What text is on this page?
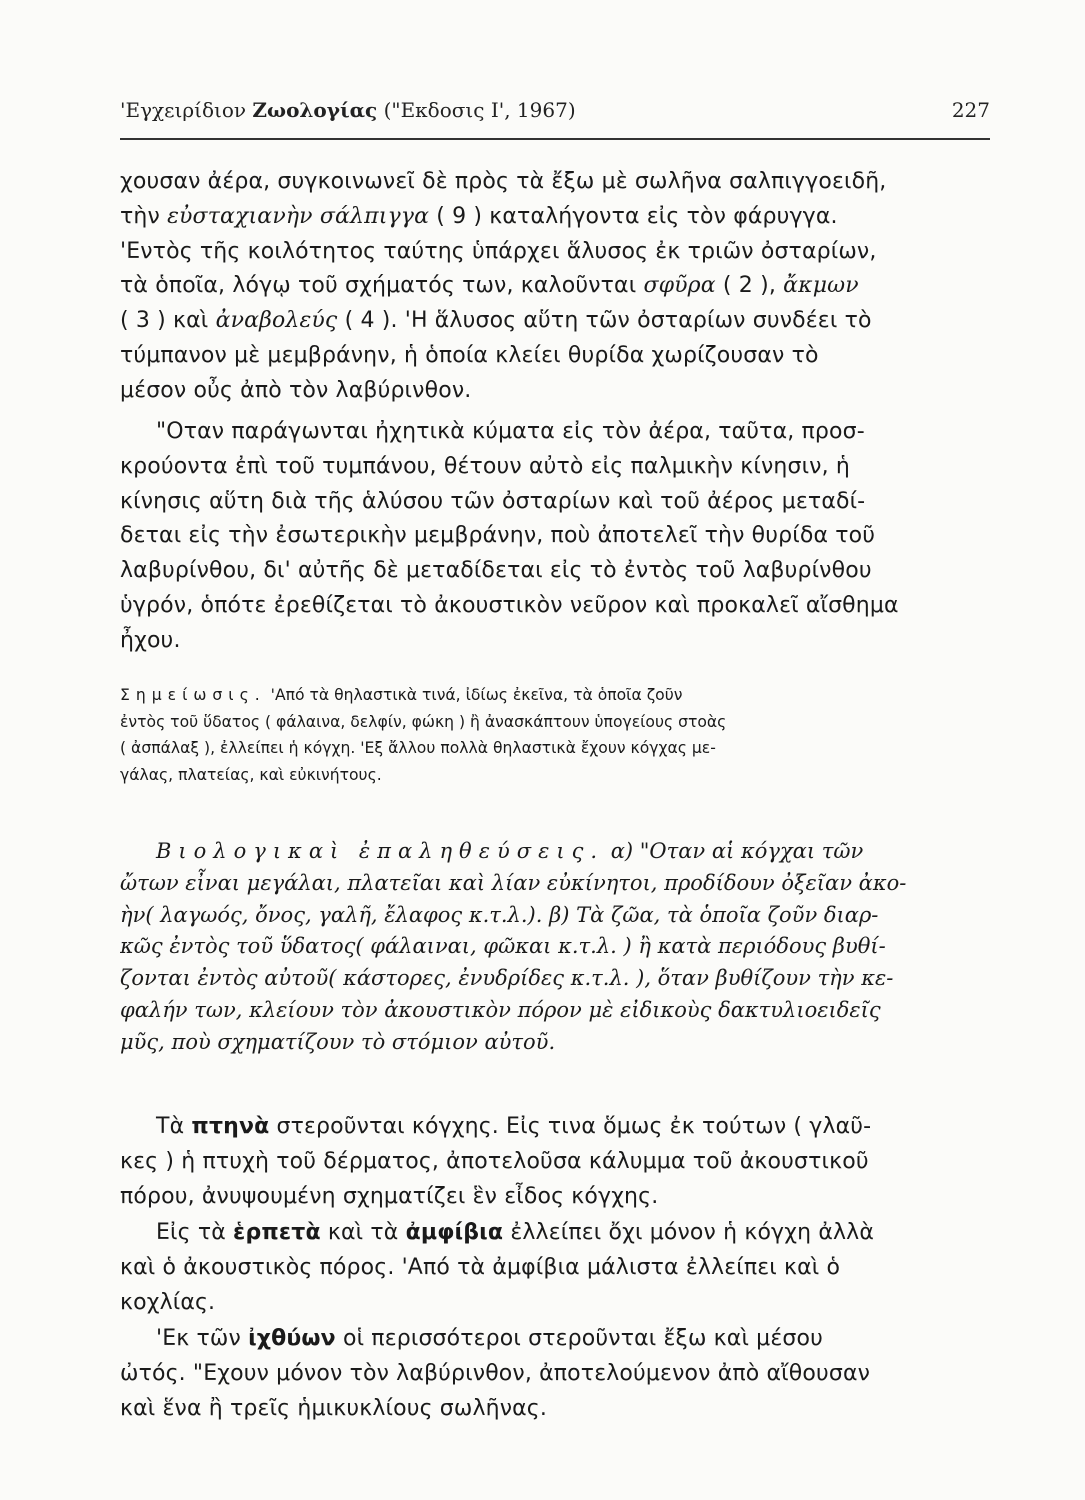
'Εγχειρίδιον Ζωολογίας ("Εκδοσις Ι', 1967)	227
χουσαν ἀέρα, συγκοινωνεῖ δὲ πρὸς τὰ ἔξω μὲ σωλῆνα σαλπιγγοειδῆ,
τὴν εὐσταχιανὴν σάλπιγγα ( 9 ) καταλήγοντα εἰς τὸν φάρυγγα.
'Εντὸς τῆς κοιλότητος ταύτης ὑπάρχει ἅλυσος ἐκ τριῶν ὀσταρίων,
τὰ ὁποῖα, λόγῳ τοῦ σχήματός των, καλοῦνται σφῦρα ( 2 ), ἄκμων
( 3 ) καὶ ἀναβολεύς ( 4 ). 'Η ἅλυσος αὕτη τῶν ὀσταρίων συνδέει τὸ
τύμπανον μὲ μεμβράνην, ἡ ὁποία κλείει θυρίδα χωρίζουσαν τὸ
μέσον οὖς ἀπὸ τὸν λαβύρινθον.
"Οταν παράγωνται ἠχητικὰ κύματα εἰς τὸν ἀέρα, ταῦτα, προσ-
κρούοντα ἐπὶ τοῦ τυμπάνου, θέτουν αὐτὸ εἰς παλμικὴν κίνησιν, ἡ
κίνησις αὕτη διὰ τῆς ἁλύσου τῶν ὀσταρίων καὶ τοῦ ἀέρος μεταδί-
δεται εἰς τὴν ἐσωτερικὴν μεμβράνην, ποὺ ἀποτελεῖ τὴν θυρίδα τοῦ
λαβυρίνθου, δι' αὐτῆς δὲ μεταδίδεται εἰς τὸ ἐντὸς τοῦ λαβυρίνθου
ὑγρόν, ὁπότε ἐρεθίζεται τὸ ἀκουστικὸν νεῦρον καὶ προκαλεῖ αἴσθημα
ἦχου.
Σημείωσις. 'Από τὰ θηλαστικὰ τινά, ἰδίως ἐκεῖνα, τὰ ὁποῖα ζοῦν
ἐντὸς τοῦ ὕδατος ( φάλαινα, δελφίν, φώκη ) ἢ ἀνασκάπτουν ὑπογείους στοὰς
( ἀσπάλαξ ), ἐλλείπει ἡ κόγχη. 'Εξ ἄλλου πολλὰ θηλαστικὰ ἔχουν κόγχας με-
γάλας, πλατείας, καὶ εὐκινήτους.
Βιολογικαὶ ἐπαληθεύσεις. α) "Οταν αἱ κόγχαι τῶν
ὤτων εἶναι μεγάλαι, πλατεῖαι καὶ λίαν εὐκίνητοι, προδίδουν ὀξεῖαν ἀκο-
ὴν( λαγωός, ὄνος, γαλῆ, ἔλαφος κ.τ.λ.). β) Τὰ ζῶα, τὰ ὁποῖα ζοῦν διαρ-
κῶς ἐντὸς τοῦ ὕδατος( φάλαιναι, φῶκαι κ.τ.λ. ) ἢ κατὰ περιόδους βυθί-
ζονται ἐντὸς αὐτοῦ( κάστορες, ἐνυδρίδες κ.τ.λ. ), ὅταν βυθίζουν τὴν κε-
φαλήν των, κλείουν τὸν ἀκουστικὸν πόρον μὲ εἰδικοὺς δακτυλιοειδεῖς
μῦς, ποὺ σχηματίζουν τὸ στόμιον αὐτοῦ.
Τὰ πτηνὰ στεροῦνται κόγχης. Εἰς τινα ὅμως ἐκ τούτων ( γλαῦ-
κες ) ἡ πτυχὴ τοῦ δέρματος, ἀποτελοῦσα κάλυμμα τοῦ ἀκουστικοῦ
πόρου, ἀνυψουμένη σχηματίζει ἓν εἶδος κόγχης.
Εἰς τὰ ἑρπετὰ καὶ τὰ ἀμφίβια ἐλλείπει ὄχι μόνον ἡ κόγχη ἀλλὰ
καὶ ὁ ἀκουστικὸς πόρος. 'Από τὰ ἀμφίβια μάλιστα ἐλλείπει καὶ ὁ
κοχλίας.
'Εκ τῶν ἰχθύων οἱ περισσότεροι στεροῦνται ἔξω καὶ μέσου
ὠτός. "Εχουν μόνον τὸν λαβύρινθον, ἀποτελούμενον ἀπὸ αἴθουσαν
καὶ ἕνα ἢ τρεῖς ἡμικυκλίους σωλῆνας.
